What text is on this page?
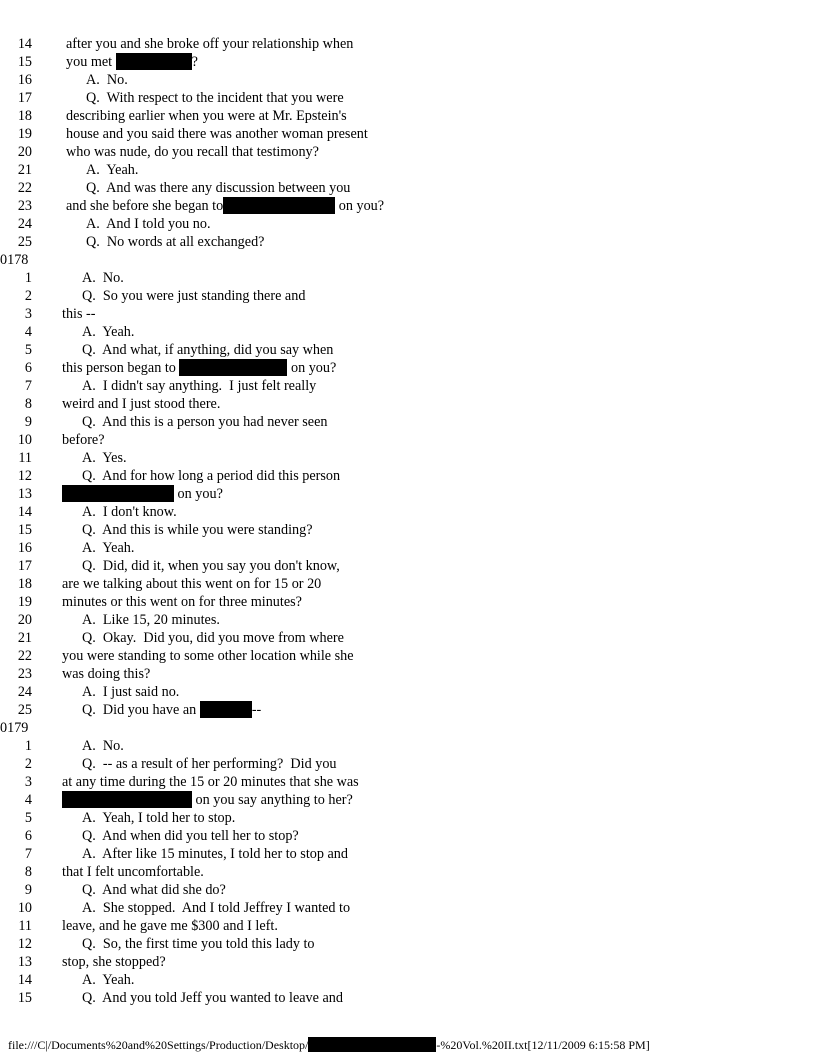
14 after you and she broke off your relationship when
15 you met	?
16	A.  No.
17	Q.  With respect to the incident that you were
18 describing earlier when you were at Mr. Epstein's
19 house and you said there was another woman present
20 who was nude, do you recall that testimony?
21	A.  Yeah.
22	Q.  And was there any discussion between you
23 and she before she began to	on you?
24	A.  And I told you no.
25	Q.  No words at all exchanged?
0178
1	A.  No.
2	Q.  So you were just standing there and
3 this --
4	A.  Yeah.
5	Q.  And what, if anything, did you say when
6 this person began to	on you?
7	A.  I didn't say anything.  I just felt really
8 weird and I just stood there.
9	Q.  And this is a person you had never seen
10 before?
11	A.  Yes.
12	Q.  And for how long a period did this person
13	on you?
14	A.  I don't know.
15	Q.  And this is while you were standing?
16	A.  Yeah.
17	Q.  Did, did it, when you say you don't know,
18 are we talking about this went on for 15 or 20
19 minutes or this went on for three minutes?
20	A.  Like 15, 20 minutes.
21	Q.  Okay.  Did you, did you move from where
22 you were standing to some other location while she
23 was doing this?
24	A.  I just said no.
25	Q.  Did you have an	--
0179
1	A.  No.
2	Q.  -- as a result of her performing?  Did you
3 at any time during the 15 or 20 minutes that she was
4	on you say anything to her?
5	A.  Yeah, I told her to stop.
6	Q.  And when did you tell her to stop?
7	A.  After like 15 minutes, I told her to stop and
8 that I felt uncomfortable.
9	Q.  And what did she do?
10	A.  She stopped.  And I told Jeffrey I wanted to
11 leave, and he gave me $300 and I left.
12	Q.  So, the first time you told this lady to
13 stop, she stopped?
14	A.  Yeah.
15	Q.  And you told Jeff you wanted to leave and
file:///C|/Documents%20and%20Settings/Production/Desktop/	-%20Vol.%20II.txt[12/11/2009 6:15:58 PM]
